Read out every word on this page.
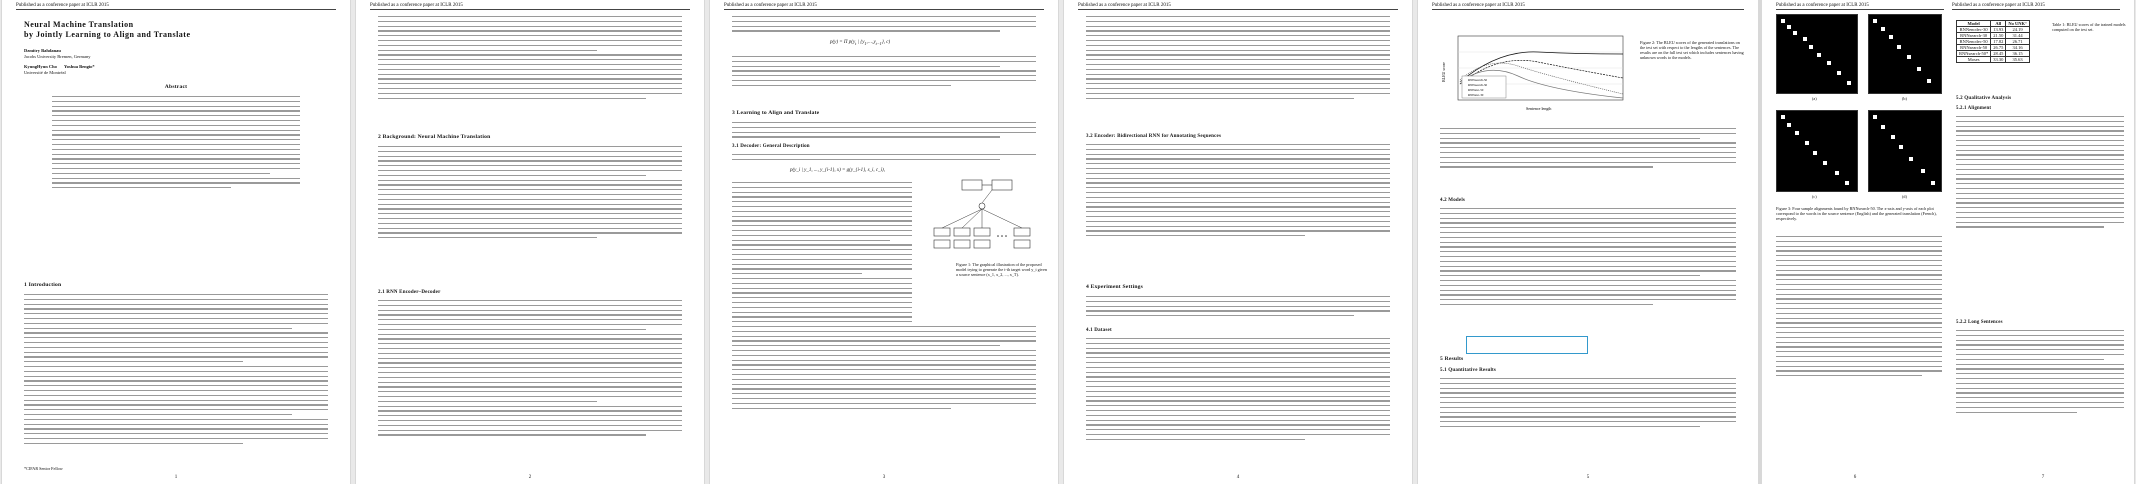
Published as a conference paper at ICLR 2015
Neural Machine Translation
by Jointly Learning to Align and Translate
Dzmitry Bahdanau
Jacobs University Bremen, Germany
KyungHyun Cho Yoshua Bengio*
Université de Montréal
Abstract
1 Introduction
*CIFAR Senior Fellow
1
Published as a conference paper at ICLR 2015
2 Background: Neural Machine Translation
2.1 RNN Encoder–Decoder
2
Published as a conference paper at ICLR 2015
p(y) = Π $p(y_t$ | $\{y_1,\dots,y_{t-1}\}$, c)
3 Learning to Align and Translate
3.1 Decoder: General Description
p(y_i | y_1, ..., y_{i-1}, x) = g(y_{i-1}, s_i, c_i),
Figure 1: The graphical illustration of the proposed model trying to generate the t-th target word y_t given a source sentence (x_1, x_2, ..., x_T).
3
Published as a conference paper at ICLR 2015
3.2 Encoder: Bidirectional RNN for Annotating Sequences
4 Experiment Settings
4.1 Dataset
4
Published as a conference paper at ICLR 2015
Sentence length
BLEU score	RNNsearch-50
RNNsearch-30
RNNenc-50
RNNenc-30
Figure 2: The BLEU scores of the generated translations on the test set with respect to the lengths of the sentences. The results are on the full test set which includes sentences having unknown words to the models.
4.2 Models
5 Results
5.1 Quantitative Results
5
Published as a conference paper at ICLR 2015
(a)	(b)
(c)	(d)
Figure 3: Four sample alignments found by RNNsearch-50. The x-axis and y-axis of each plot correspond to the words in the source sentence (English) and the generated translation (French), respectively.
6
Published as a conference paper at ICLR 2015
Model	All	No UNK°
RNNencdec-30	13.93	24.19
RNNsearch-30	21.50	31.44
RNNencdec-50	17.82	26.71
RNNsearch-50	26.75	34.16
RNNsearch-50*	28.45	36.15
Moses	33.30	35.63
Table 1: BLEU scores of the trained models computed on the test set.
5.2 Qualitative Analysis
5.2.1 Alignment
5.2.2 Long Sentences
7
